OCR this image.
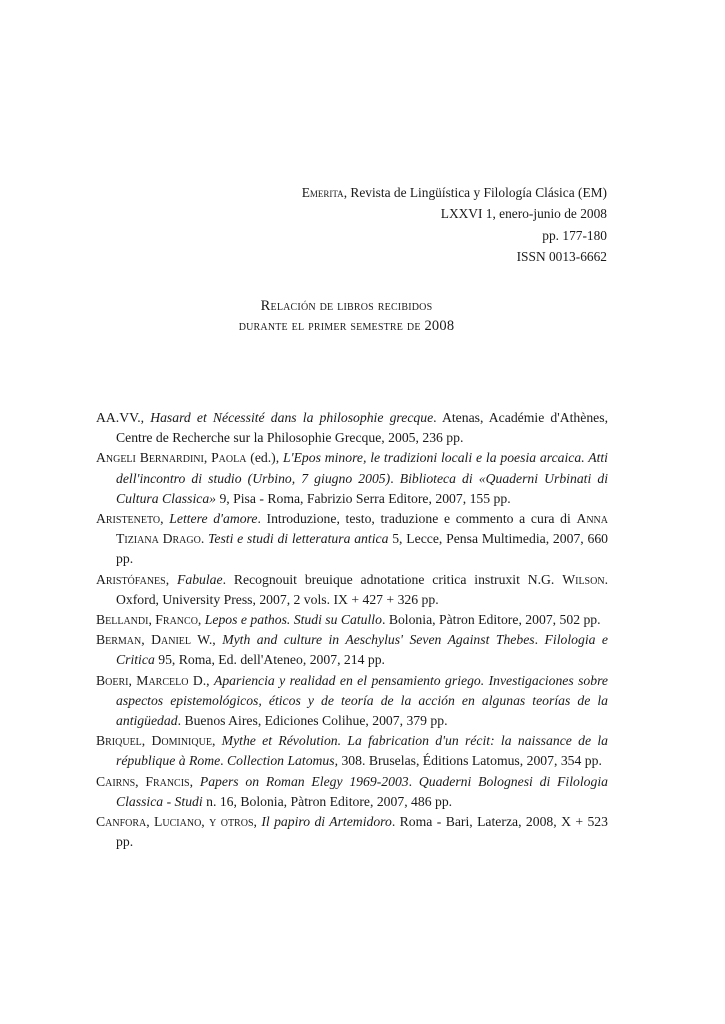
Emerita, Revista de Lingüística y Filología Clásica (EM)
LXXVI 1, enero-junio de 2008
pp. 177-180
ISSN 0013-6662
Relación de libros recibidos
durante el primer semestre de 2008

AA.VV., Hasard et Nécessité dans la philosophie grecque. Atenas, Académie d'Athènes, Centre de Recherche sur la Philosophie Grecque, 2005, 236 pp.

Angeli Bernardini, Paola (ed.), L'Epos minore, le tradizioni locali e la poesia arcaica. Atti dell'incontro di studio (Urbino, 7 giugno 2005). Biblioteca di «Quaderni Urbinati di Cultura Classica» 9, Pisa - Roma, Fabrizio Serra Editore, 2007, 155 pp.

Aristeneto, Lettere d'amore. Introduzione, testo, traduzione e commento a cura di Anna Tiziana Drago. Testi e studi di letteratura antica 5, Lecce, Pensa Multimedia, 2007, 660 pp.

Aristófanes, Fabulae. Recognouit breuique adnotatione critica instruxit N.G. Wilson. Oxford, University Press, 2007, 2 vols. IX + 427 + 326 pp.

Bellandi, Franco, Lepos e pathos. Studi su Catullo. Bolonia, Pàtron Editore, 2007, 502 pp.

Berman, Daniel W., Myth and culture in Aeschylus' Seven Against Thebes. Filologia e Critica 95, Roma, Ed. dell'Ateneo, 2007, 214 pp.

Boeri, Marcelo D., Apariencia y realidad en el pensamiento griego. Investigaciones sobre aspectos epistemológicos, éticos y de teoría de la acción en algunas teorías de la antigüedad. Buenos Aires, Ediciones Colihue, 2007, 379 pp.

Briquel, Dominique, Mythe et Révolution. La fabrication d'un récit: la naissance de la république à Rome. Collection Latomus, 308. Bruselas, Éditions Latomus, 2007, 354 pp.

Cairns, Francis, Papers on Roman Elegy 1969-2003. Quaderni Bolognesi di Filologia Classica - Studi n. 16, Bolonia, Pàtron Editore, 2007, 486 pp.

Canfora, Luciano, y otros, Il papiro di Artemidoro. Roma - Bari, Laterza, 2008, X + 523 pp.
